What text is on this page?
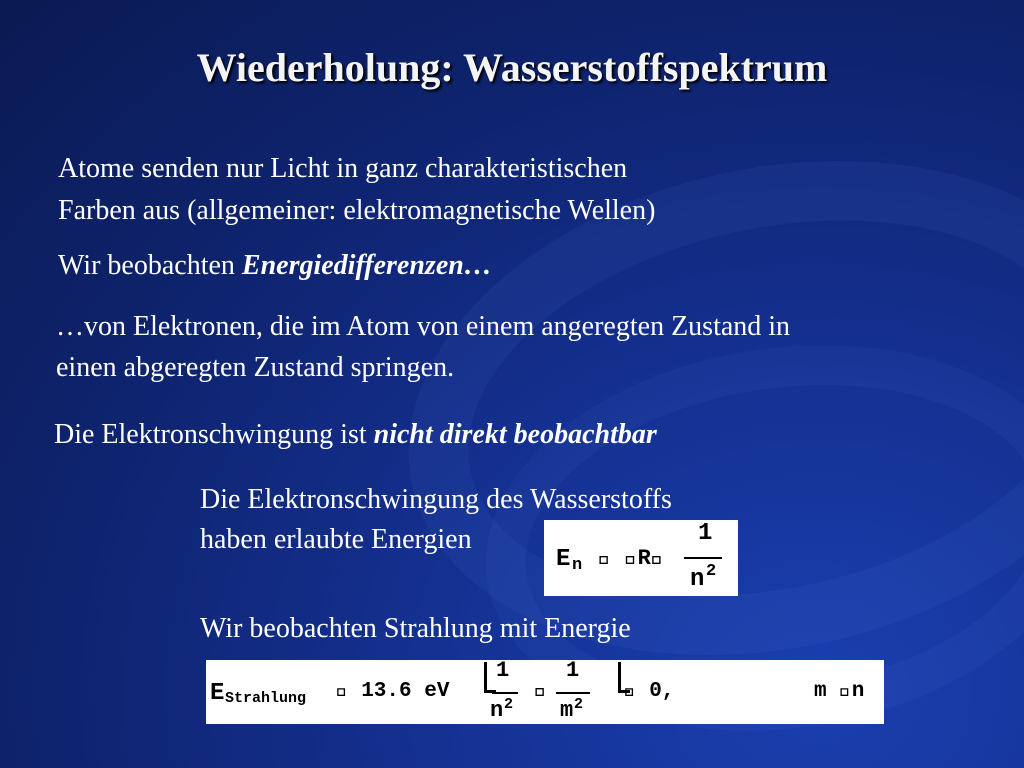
Wiederholung: Wasserstoffspektrum
Atome senden nur Licht in ganz charakteristischen
Farben aus (allgemeiner: elektromagnetische Wellen)
Wir beobachten Energiedifferenzen…
…von Elektronen, die im Atom von einem angeregten Zustand in
einen abgeregten Zustand springen.
Die Elektronschwingung ist nicht direkt beobachtbar
Die Elektronschwingung des Wasserstoffs
haben erlaubte Energien
Wir beobachten Strahlung mit Energie
E n    R 
1
n 2
E Strahlung   13.6 eV
1
n 2
 
1
m 2
  0,	m  n
